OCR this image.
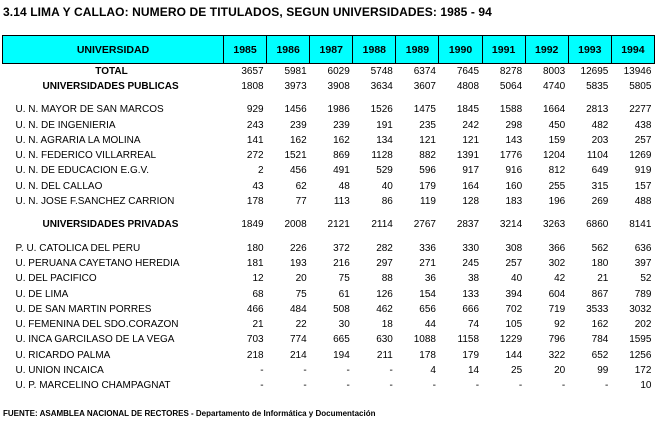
3.14 LIMA Y CALLAO: NUMERO DE TITULADOS, SEGUN UNIVERSIDADES: 1985 - 94
UNIVERSIDAD	1985	1986	1987	1988	1989	1990	1991	1992	1993	1994
TOTAL	3657	5981	6029	5748	6374	7645	8278	8003	12695	13946
UNIVERSIDADES PUBLICAS	1808	3973	3908	3634	3607	4808	5064	4740	5835	5805

U. N. MAYOR DE SAN MARCOS	929	1456	1986	1526	1475	1845	1588	1664	2813	2277
U. N. DE INGENIERIA	243	239	239	191	235	242	298	450	482	438
U. N. AGRARIA LA MOLINA	141	162	162	134	121	121	143	159	203	257
U. N. FEDERICO VILLARREAL	272	1521	869	1128	882	1391	1776	1204	1104	1269
U. N. DE EDUCACION E.G.V.	2	456	491	529	596	917	916	812	649	919
U. N. DEL CALLAO	43	62	48	40	179	164	160	255	315	157
U. N. JOSE F.SANCHEZ CARRION	178	77	113	86	119	128	183	196	269	488

UNIVERSIDADES PRIVADAS	1849	2008	2121	2114	2767	2837	3214	3263	6860	8141

P. U. CATOLICA DEL PERU	180	226	372	282	336	330	308	366	562	636
U. PERUANA CAYETANO HEREDIA	181	193	216	297	271	245	257	302	180	397
U. DEL PACIFICO	12	20	75	88	36	38	40	42	21	52
U. DE LIMA	68	75	61	126	154	133	394	604	867	789
U. DE SAN MARTIN PORRES	466	484	508	462	656	666	702	719	3533	3032
U. FEMENINA DEL SDO.CORAZON	21	22	30	18	44	74	105	92	162	202
U. INCA GARCILASO DE LA VEGA	703	774	665	630	1088	1158	1229	796	784	1595
U. RICARDO PALMA	218	214	194	211	178	179	144	322	652	1256
U. UNION INCAICA	-	-	-	-	4	14	25	20	99	172
U. P. MARCELINO CHAMPAGNAT	-	-	-	-	-	-	-	-	-	10
FUENTE: ASAMBLEA NACIONAL DE RECTORES - Departamento de Informática y Documentación
